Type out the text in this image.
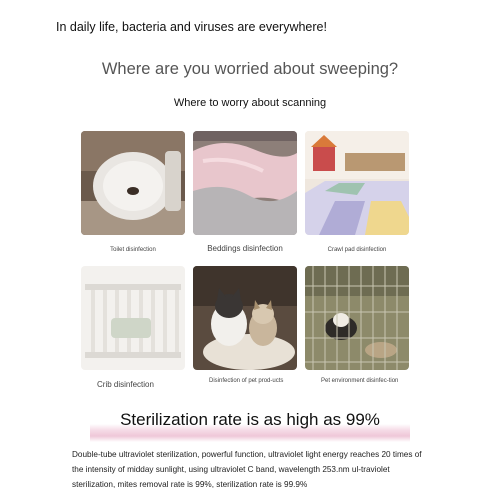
In daily life, bacteria and viruses are everywhere!
Where are you worried about sweeping?
Where to worry about scanning
Toilet disinfection	Beddings disinfection	Crawl pad disinfection
Crib disinfection	Disinfection of pet prod-ucts	Pet environment disinfec-tion
Sterilization rate is as high as 99%
Double-tube ultraviolet sterilization, powerful function, ultraviolet light energy reaches 20 times of the intensity of midday sunlight, using ultraviolet C band, wavelength 253.nm ul-traviolet sterilization, mites removal rate is 99%, sterilization rate is 99.9%
